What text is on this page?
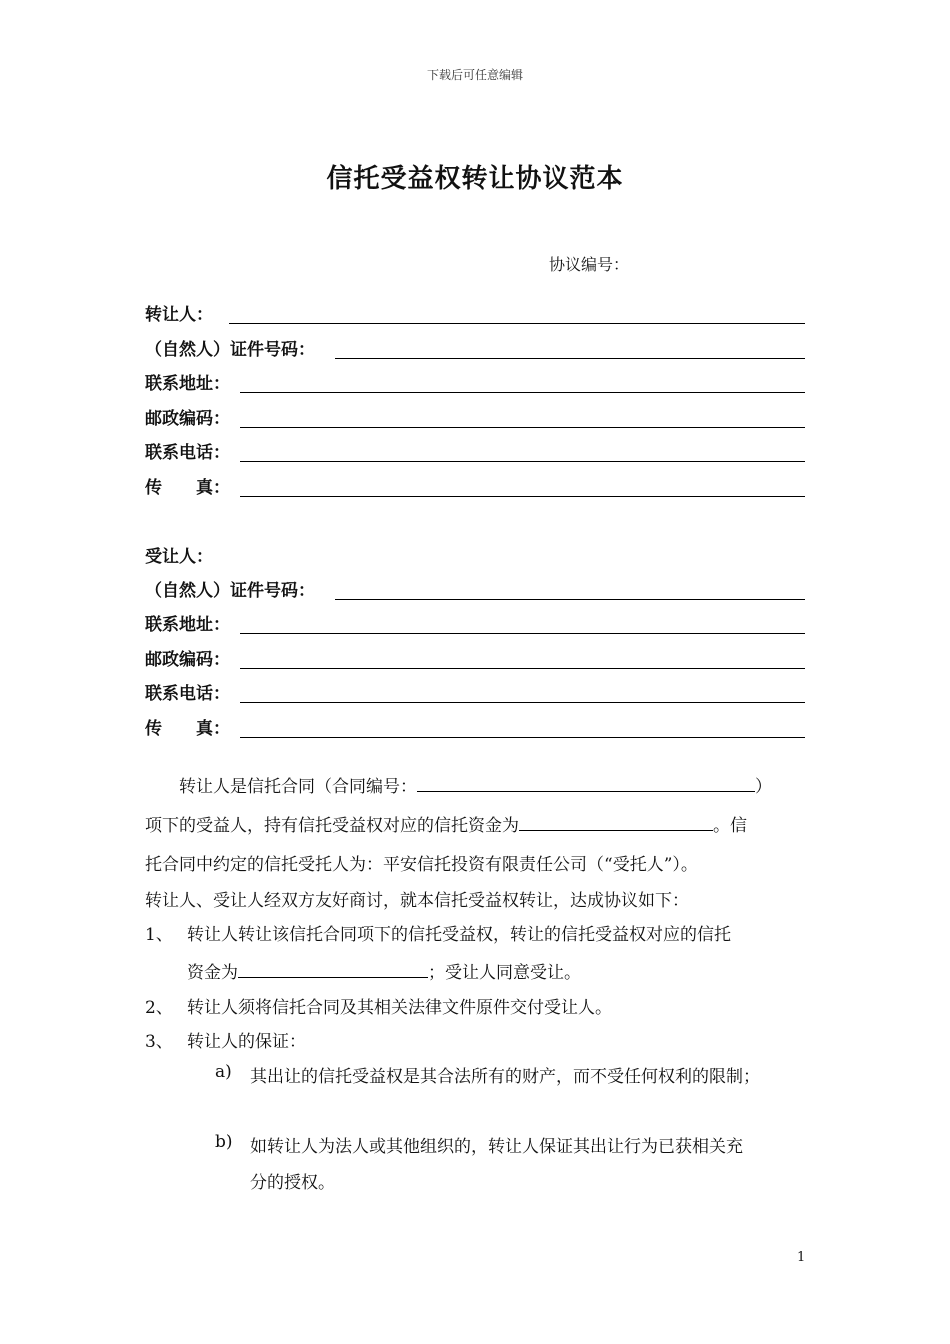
下载后可任意编辑
信托受益权转让协议范本
协议编号：
转让人：
（自然人）证件号码：
联系地址：
邮政编码：
联系电话：
传　　真：
受让人：
（自然人）证件号码：
联系地址：
邮政编码：
联系电话：
传　　真：
转让人是信托合同（合同编号：	）
项下的受益人，持有信托受益权对应的信托资金为	。信
托合同中约定的信托受托人为：平安信托投资有限责任公司（“受托人”）。
转让人、受让人经双方友好商讨，就本信托受益权转让，达成协议如下：
1、 转让人转让该信托合同项下的信托受益权，转让的信托受益权对应的信托
资金为	；受让人同意受让。
2、 转让人须将信托合同及其相关法律文件原件交付受让人。
3、 转让人的保证：
a) 其出让的信托受益权是其合法所有的财产，而不受任何权利的限制；
b) 如转让人为法人或其他组织的，转让人保证其出让行为已获相关充
分的授权。
1
